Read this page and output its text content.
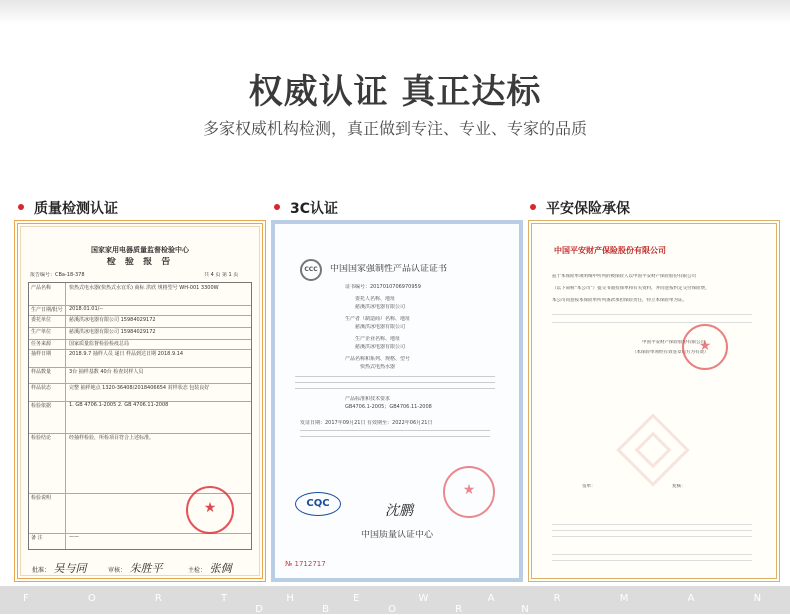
权威认证 真正达标
多家权威机构检测，真正做到专注、专业、专家的品质
质量检测认证	3C认证	平安保险承保
国家家用电器质量监督检验中心
检 验 报 告
报告编号：CBa-18-378	共 4 页 第 1 页
产品名称	快热式电水器(快热式水宜乐) 商标 洪欣 规格型号 WH-001 3300W
生产日期/批号 2018.01.01/--
委托单位	慈溪洪冰电器有限公司 15984029172
生产单位	慈溪洪冰电器有限公司 15984029172
任务来源	国家质量监督检验检疫总局
抽样日期	2018.9.7 抽样人员 递日 样品到达日期 2018.9.14
样品数量	3台 抽样基数 40台 检查封样人员
样品状态	完整 抽样地点 1320-36408/2018406654 封样状态 包装良好
检验依据	1. GB 4706.1-2005 2. GB 4706.11-2008
检验结论	经抽样检验，所检项目符合上述标准。
检验说明
备 注	——
★
批准： 吴与同	审核： 朱胜平	主检： 张倜
CCC	中国国家强制性产品认证证书
证书编号：2017010706970959
委托人名称、地址
慈溪洪冰电器有限公司
生产者（制造商）名称、地址
慈溪洪冰电器有限公司
生产企业名称、地址
慈溪洪冰电器有限公司
产品名称和系列、规格、型号
快热式电热水器
产品标准和技术要求
GB4706.1-2005；GB4706.11-2008
发证日期：2017年09月21日 有效期至：2022年06月21日
CQC	沈鹏
★
中国质量认证中心
№ 1712717
中国平安财产保险股份有限公司
兹于本保险单项明细中所列的被保险人以中国平安财产保险股份有限公司
（以下简称“本公司”）提交书面投保单和有关资料，并同意按约定交付保险费，
本公司同意按本保险单所列条款承担保险责任，特立本保险单为证。
中国平安财产保险股份有限公司
（本保险单须经有效签章后方为有效）
★
签单：	复核：
F O R T H E W A R M A N D B O R N
